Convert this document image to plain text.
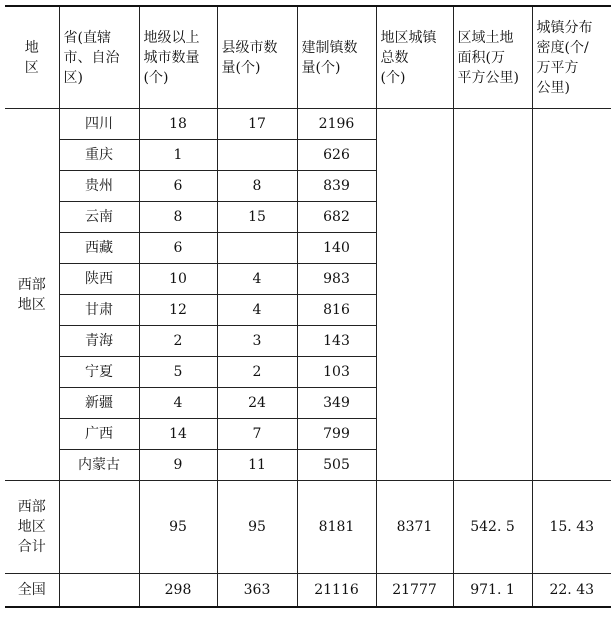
地
区	省(直辖
市、自治
区)	地级以上
城市数量
(个)	县级市数
量(个)	建制镇数
量(个)	地区城镇
总数
(个)	区域土地
面积(万
平方公里)	城镇分布
密度(个/
万平方
公里)
西部
地区	四川	18	17	2196			
	重庆	1		626			
	贵州	6	8	839			
	云南	8	15	682			
	西藏	6		140			
	陕西	10	4	983			
	甘肃	12	4	816			
	青海	2	3	143			
	宁夏	5	2	103			
	新疆	4	24	349			
	广西	14	7	799			
	内蒙古	9	11	505			
西部
地区
合计		95	95	8181	8371	542. 5	15. 43
全国		298	363	21116	21777	971. 1	22. 43
